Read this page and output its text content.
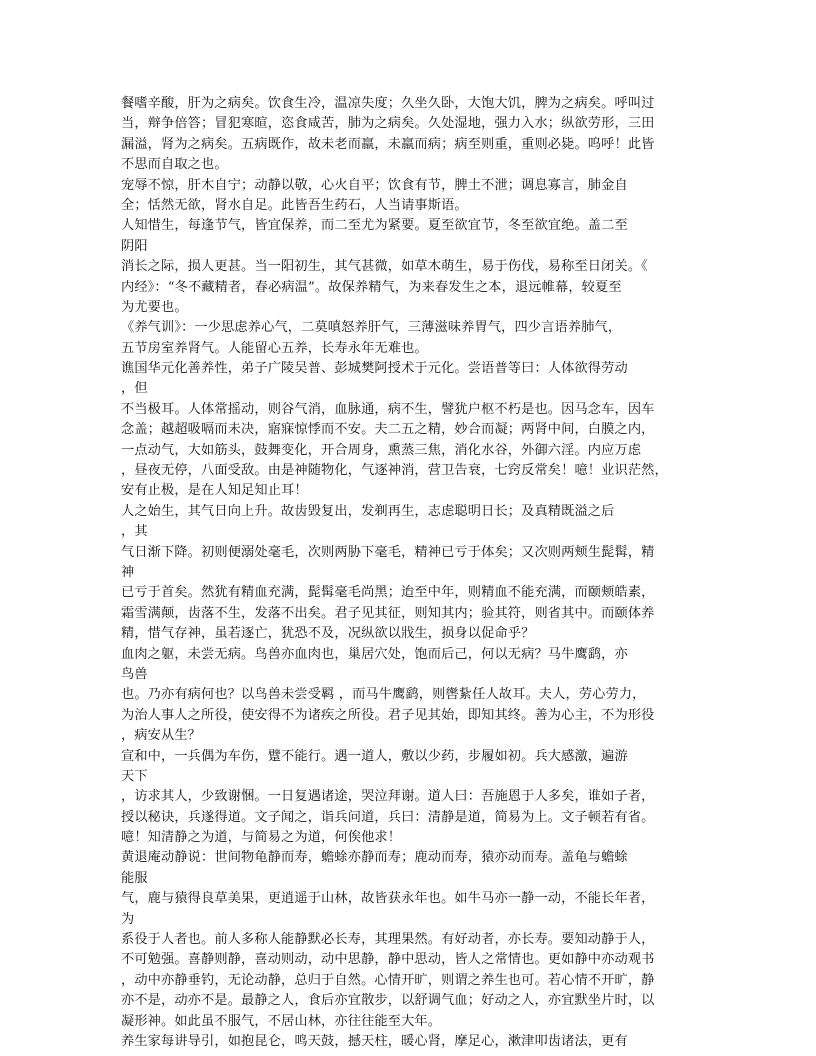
餐嗜辛酸，肝为之病矣。饮食生冷，温凉失度；久坐久卧，大饱大饥，脾为之病矣。呼叫过
当，辩争倍答；冒犯寒暄，恣食咸苦，肺为之病矣。久处湿地，强力入水；纵欲劳形，三田
漏溢，肾为之病矣。五病既作，故未老而羸，未羸而病；病至则重，重则必毙。呜呼！此皆
不思而自取之也。
宠辱不惊，肝木自宁；动静以敬，心火自平；饮食有节，脾土不泄；调息寡言，肺金自
全；恬然无欲，肾水自足。此皆吾生药石，人当请事斯语。
人知惜生，每逢节气，皆宜保养，而二至尤为紧要。夏至欲宜节，冬至欲宜绝。盖二至
阴阳
消长之际，损人更甚。当一阳初生，其气甚微，如草木萌生，易于伤伐，易称至日闭关。《
内经》：“冬不藏精者，春必病温”。故保养精气，为来春发生之本，退远帷幕，较夏至
为尤要也。
《养气训》：一少思虑养心气，二莫嗔怒养肝气，三薄滋味养胃气，四少言语养肺气，
五节房室养肾气。人能留心五养，长寿永年无难也。
谯国华元化善养性，弟子广陵吴普、彭城樊阿授术于元化。尝语普等曰：人体欲得劳动
，但
不当极耳。人体常摇动，则谷气消，血脉通，病不生，譬犹户枢不朽是也。因马念车，因车
念盖；越超吸嗝而未决，寤寐惊悸而不安。夫二五之精，妙合而凝；两肾中间，白膜之内，
一点动气，大如筋头，鼓舞变化，开合周身，熏蒸三焦，消化水谷，外御六淫。内应万虑
，昼夜无停，八面受敌。由是神随物化，气逐神消，营卫告衰，七窍反常矣！噫！业识茫然，
安有止极，是在人知足知止耳！
人之始生，其气日向上升。故齿毁复出，发剃再生，志虑聪明日长；及真精既溢之后
，其
气日渐下降。初则便溺处毫毛，次则两胁下毫毛，精神已亏于体矣；又次则两颊生髭髯，精
神
已亏于首矣。然犹有精血充满，髭髯毫毛尚黑；迨至中年，则精血不能充满，而颐颊皓素，
霜雪满颠，齿落不生，发落不出矣。君子见其征，则知其内；验其符，则省其中。而颐体养
精，惜气存神，虽若逐亡，犹恐不及，况纵欲以戕生，损身以促命乎？
血肉之躯，未尝无病。鸟兽亦血肉也，巢居穴处，饱而后己，何以无病？马牛鹰鹞，亦
鸟兽
也。乃亦有病何也？以鸟兽未尝受羁 ，而马牛鹰鹞，则辔紥任人故耳。夫人，劳心劳力，
为治人事人之所役，使安得不为诸疾之所役。君子见其始，即知其终。善为心主，不为形役
，病安从生？
宣和中，一兵偶为车伤，躄不能行。遇一道人，敷以少药，步履如初。兵大感激，遍游
天下
，访求其人，少致谢悃。一日复遇诸途，哭泣拜谢。道人曰：吾施恩于人多矣，谁如子者，
授以秘诀，兵遂得道。文子闻之，诣兵问道，兵曰：清静是道，简易为上。文子顿若有省。
噫！知清静之为道，与简易之为道，何俟他求！
黄退庵动静说：世间物龟静而寿，蟾蜍亦静而寿；鹿动而寿，猿亦动而寿。盖龟与蟾蜍
能服
气，鹿与猿得良草美果，更逍遥于山林，故皆获永年也。如牛马亦一静一动，不能长年者，
为
系役于人者也。前人多称人能静默必长寿，其理果然。有好动者，亦长寿。要知动静于人，
不可勉强。喜静则静，喜动则动，动中思静，静中思动，皆人之常情也。更如静中亦动观书
，动中亦静垂钓，无论动静，总归于自然。心情开旷，则谓之养生也可。若心情不开旷，静
亦不是，动亦不是。最静之人，食后亦宜散步，以舒调气血；好动之人，亦宜默坐片时，以
凝形神。如此虽不服气，不居山林，亦往往能至大年。
养生家每讲导引，如抱昆仑，鸣天鼓，撼天柱，暖心肾，摩足心，漱津叩齿诸法，更有
